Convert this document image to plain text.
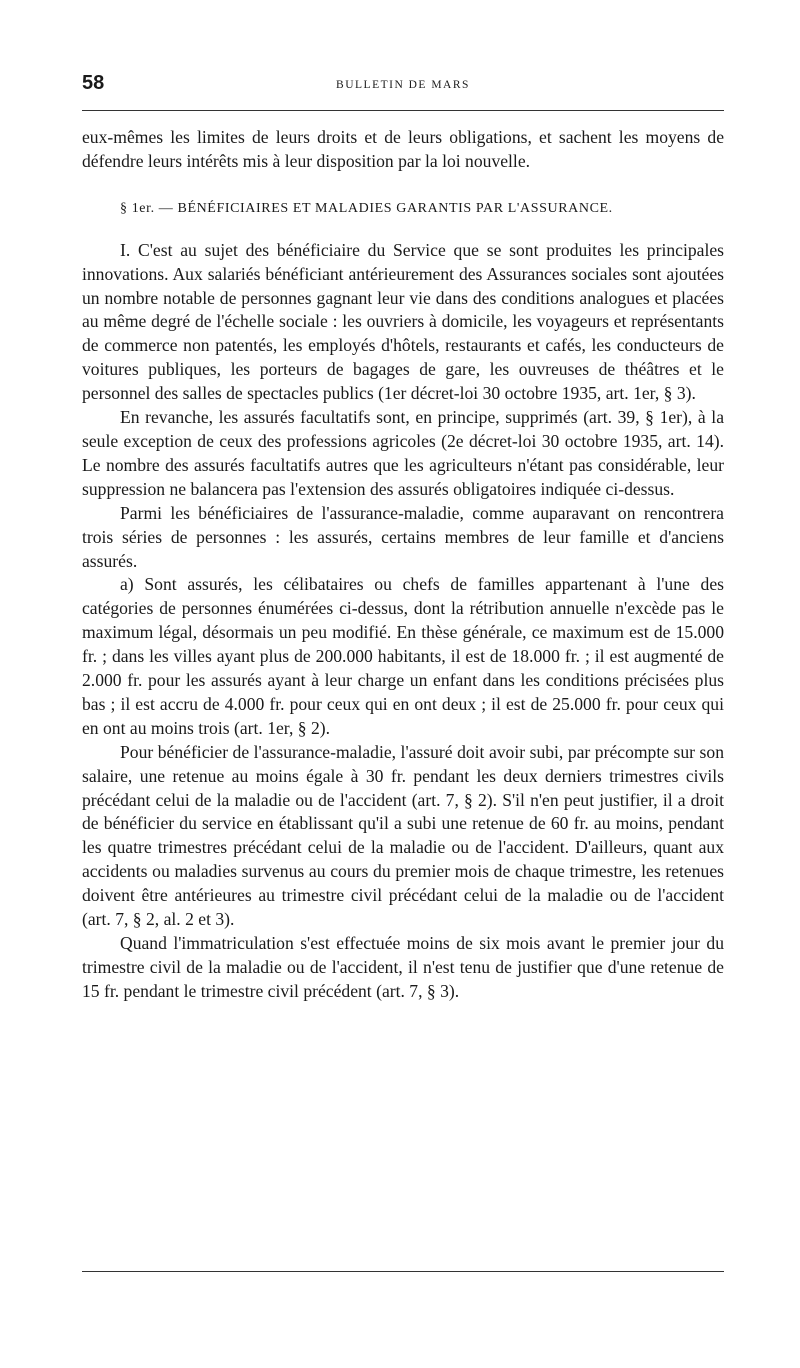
58	BULLETIN DE MARS

eux-mêmes les limites de leurs droits et de leurs obligations, et sachent les moyens de défendre leurs intérêts mis à leur disposition par la loi nouvelle.

§ 1er. — BÉNÉFICIAIRES ET MALADIES GARANTIS PAR L'ASSURANCE.

I. C'est au sujet des bénéficiaire du Service que se sont produites les principales innovations. Aux salariés bénéficiant antérieurement des Assurances sociales sont ajoutées un nombre notable de personnes gagnant leur vie dans des conditions analogues et placées au même degré de l'échelle sociale : les ouvriers à domicile, les voyageurs et représentants de commerce non patentés, les employés d'hôtels, restaurants et cafés, les conducteurs de voitures publiques, les porteurs de bagages de gare, les ouvreuses de théâtres et le personnel des salles de spectacles publics (1er décret-loi 30 octobre 1935, art. 1er, § 3).

En revanche, les assurés facultatifs sont, en principe, supprimés (art. 39, § 1er), à la seule exception de ceux des professions agricoles (2e décret-loi 30 octobre 1935, art. 14). Le nombre des assurés facultatifs autres que les agriculteurs n'étant pas considérable, leur suppression ne balancera pas l'extension des assurés obligatoires indiquée ci-dessus.

Parmi les bénéficiaires de l'assurance-maladie, comme auparavant on rencontrera trois séries de personnes : les assurés, certains membres de leur famille et d'anciens assurés.

a) Sont assurés, les célibataires ou chefs de familles appartenant à l'une des catégories de personnes énumérées ci-dessus, dont la rétribution annuelle n'excède pas le maximum légal, désormais un peu modifié. En thèse générale, ce maximum est de 15.000 fr. ; dans les villes ayant plus de 200.000 habitants, il est de 18.000 fr. ; il est augmenté de 2.000 fr. pour les assurés ayant à leur charge un enfant dans les conditions précisées plus bas ; il est accru de 4.000 fr. pour ceux qui en ont deux ; il est de 25.000 fr. pour ceux qui en ont au moins trois (art. 1er, § 2).

Pour bénéficier de l'assurance-maladie, l'assuré doit avoir subi, par précompte sur son salaire, une retenue au moins égale à 30 fr. pendant les deux derniers trimestres civils précédant celui de la maladie ou de l'accident (art. 7, § 2). S'il n'en peut justifier, il a droit de bénéficier du service en établissant qu'il a subi une retenue de 60 fr. au moins, pendant les quatre trimestres précédant celui de la maladie ou de l'accident. D'ailleurs, quant aux accidents ou maladies survenus au cours du premier mois de chaque trimestre, les retenues doivent être antérieures au trimestre civil précédant celui de la maladie ou de l'accident (art. 7, § 2, al. 2 et 3).

Quand l'immatriculation s'est effectuée moins de six mois avant le premier jour du trimestre civil de la maladie ou de l'accident, il n'est tenu de justifier que d'une retenue de 15 fr. pendant le trimestre civil précédent (art. 7, § 3).
